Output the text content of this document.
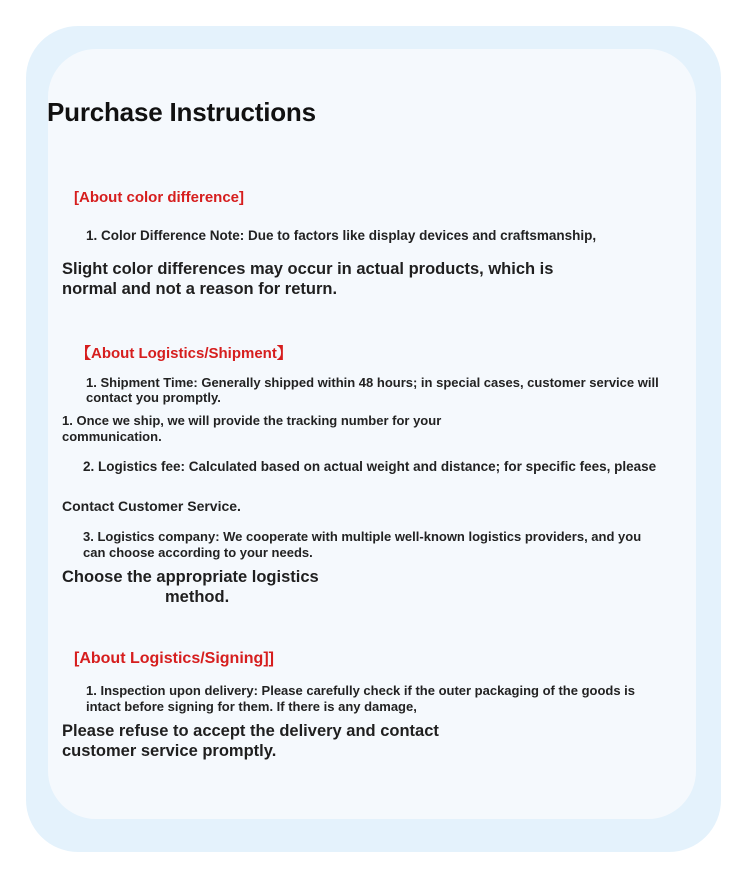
Purchase Instructions
[About color difference]
1. Color Difference Note: Due to factors like display devices and craftsmanship,
Slight color differences may occur in actual products, which is
normal and not a reason for return.
【About Logistics/Shipment】
1. Shipment Time: Generally shipped within 48 hours; in special cases, customer service will
contact you promptly.
1. Once we ship, we will provide the tracking number for your
communication.
2. Logistics fee: Calculated based on actual weight and distance; for specific fees, please
Contact Customer Service.
3. Logistics company: We cooperate with multiple well-known logistics providers, and you
can choose according to your needs.
Choose the appropriate logistics
method.
[About Logistics/Signing]]
1. Inspection upon delivery: Please carefully check if the outer packaging of the goods is
intact before signing for them. If there is any damage,
Please refuse to accept the delivery and contact
customer service promptly.
